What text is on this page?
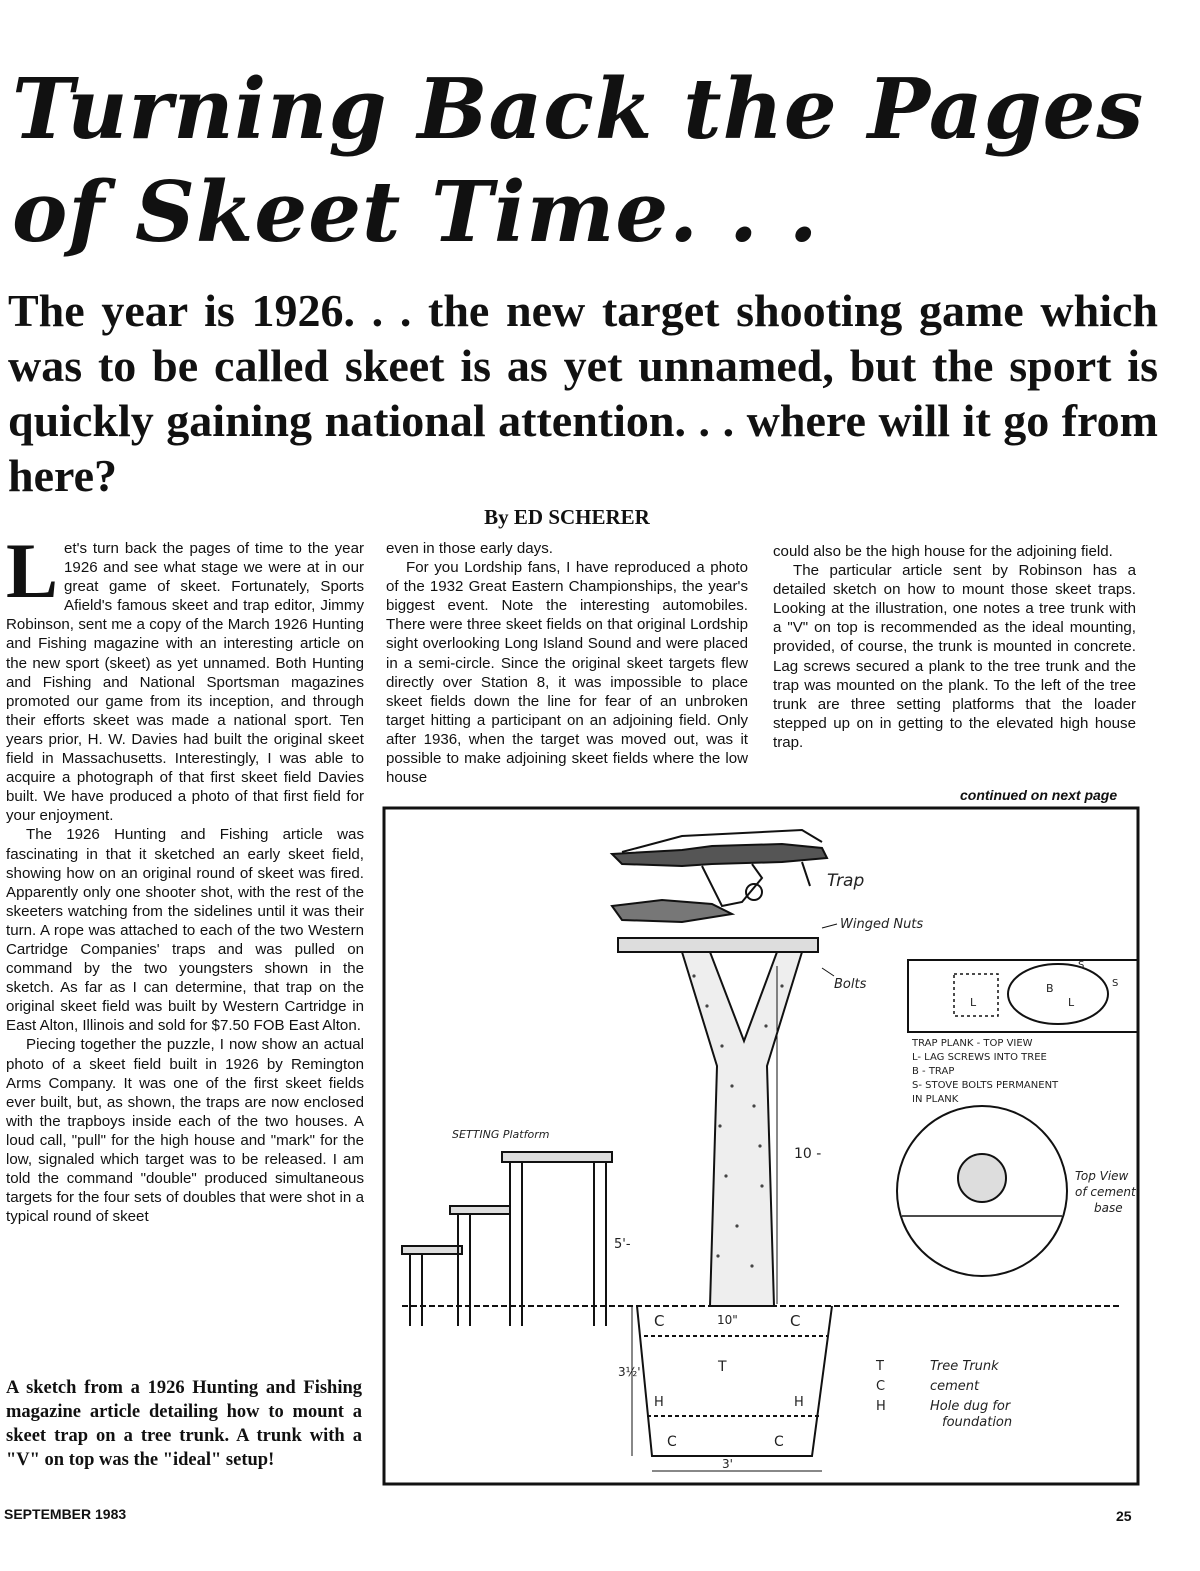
Turning Back the Pages
of Skeet Time. . .
The year is 1926. . . the new target shooting game which was to be called skeet is as yet unnamed, but the sport is quickly gaining national attention. . . where will it go from here?
By ED SCHERER

Let's turn back the pages of time to the year 1926 and see what stage we were at in our great game of skeet. Fortunately, Sports Afield's famous skeet and trap editor, Jimmy Robinson, sent me a copy of the March 1926 Hunting and Fishing magazine with an interesting article on the new sport (skeet) as yet unnamed. Both Hunting and Fishing and National Sportsman magazines promoted our game from its inception, and through their efforts skeet was made a national sport. Ten years prior, H. W. Davies had built the original skeet field in Massachusetts. Interestingly, I was able to acquire a photograph of that first skeet field Davies built. We have produced a photo of that first field for your enjoyment.

The 1926 Hunting and Fishing article was fascinating in that it sketched an early skeet field, showing how on an original round of skeet was fired. Apparently only one shooter shot, with the rest of the skeeters watching from the sidelines until it was their turn. A rope was attached to each of the two Western Cartridge Companies' traps and was pulled on command by the two youngsters shown in the sketch. As far as I can determine, that trap on the original skeet field was built by Western Cartridge in East Alton, Illinois and sold for $7.50 FOB East Alton.

Piecing together the puzzle, I now show an actual photo of a skeet field built in 1926 by Remington Arms Company. It was one of the first skeet fields ever built, but, as shown, the traps are now enclosed with the trapboys inside each of the two houses. A loud call, "pull" for the high house and "mark" for the low, signaled which target was to be released. I am told the command "double" produced simultaneous targets for the four sets of doubles that were shot in a typical round of skeet

even in those early days.

For you Lordship fans, I have reproduced a photo of the 1932 Great Eastern Championships, the year's biggest event. Note the interesting automobiles. There were three skeet fields on that original Lordship sight overlooking Long Island Sound and were placed in a semi-circle. Since the original skeet targets flew directly over Station 8, it was impossible to place skeet fields down the line for fear of an unbroken target hitting a participant on an adjoining field. Only after 1936, when the target was moved out, was it possible to make adjoining skeet fields where the low house

could also be the high house for the adjoining field.

The particular article sent by Robinson has a detailed sketch on how to mount those skeet traps. Looking at the illustration, one notes a tree trunk with a "V" on top is recommended as the ideal mounting, provided, of course, the trunk is mounted in concrete. Lag screws secured a plank to the tree trunk and the trap was mounted on the plank. To the left of the tree trunk are three setting platforms that the loader stepped up on in getting to the elevated high house trap.

continued on next page
A sketch from a 1926 Hunting and Fishing magazine article detailing how to mount a skeet trap on a tree trunk. A trunk with a "V" on top was the "ideal" setup!
SEPTEMBER 1983	25
SETTING Platform
5'-
C	C
10"
T
H	H
C	C
3½'
3'
10 -
Trap
Winged Nuts
Bolts
L
B
L
S
S
TRAP PLANK - TOP VIEW
L- LAG SCREWS INTO TREE
B - TRAP
S- STOVE BOLTS PERMANENT
IN PLANK
Top View
of cement
base
T	Tree Trunk
C	cement
H	Hole dug for
foundation
